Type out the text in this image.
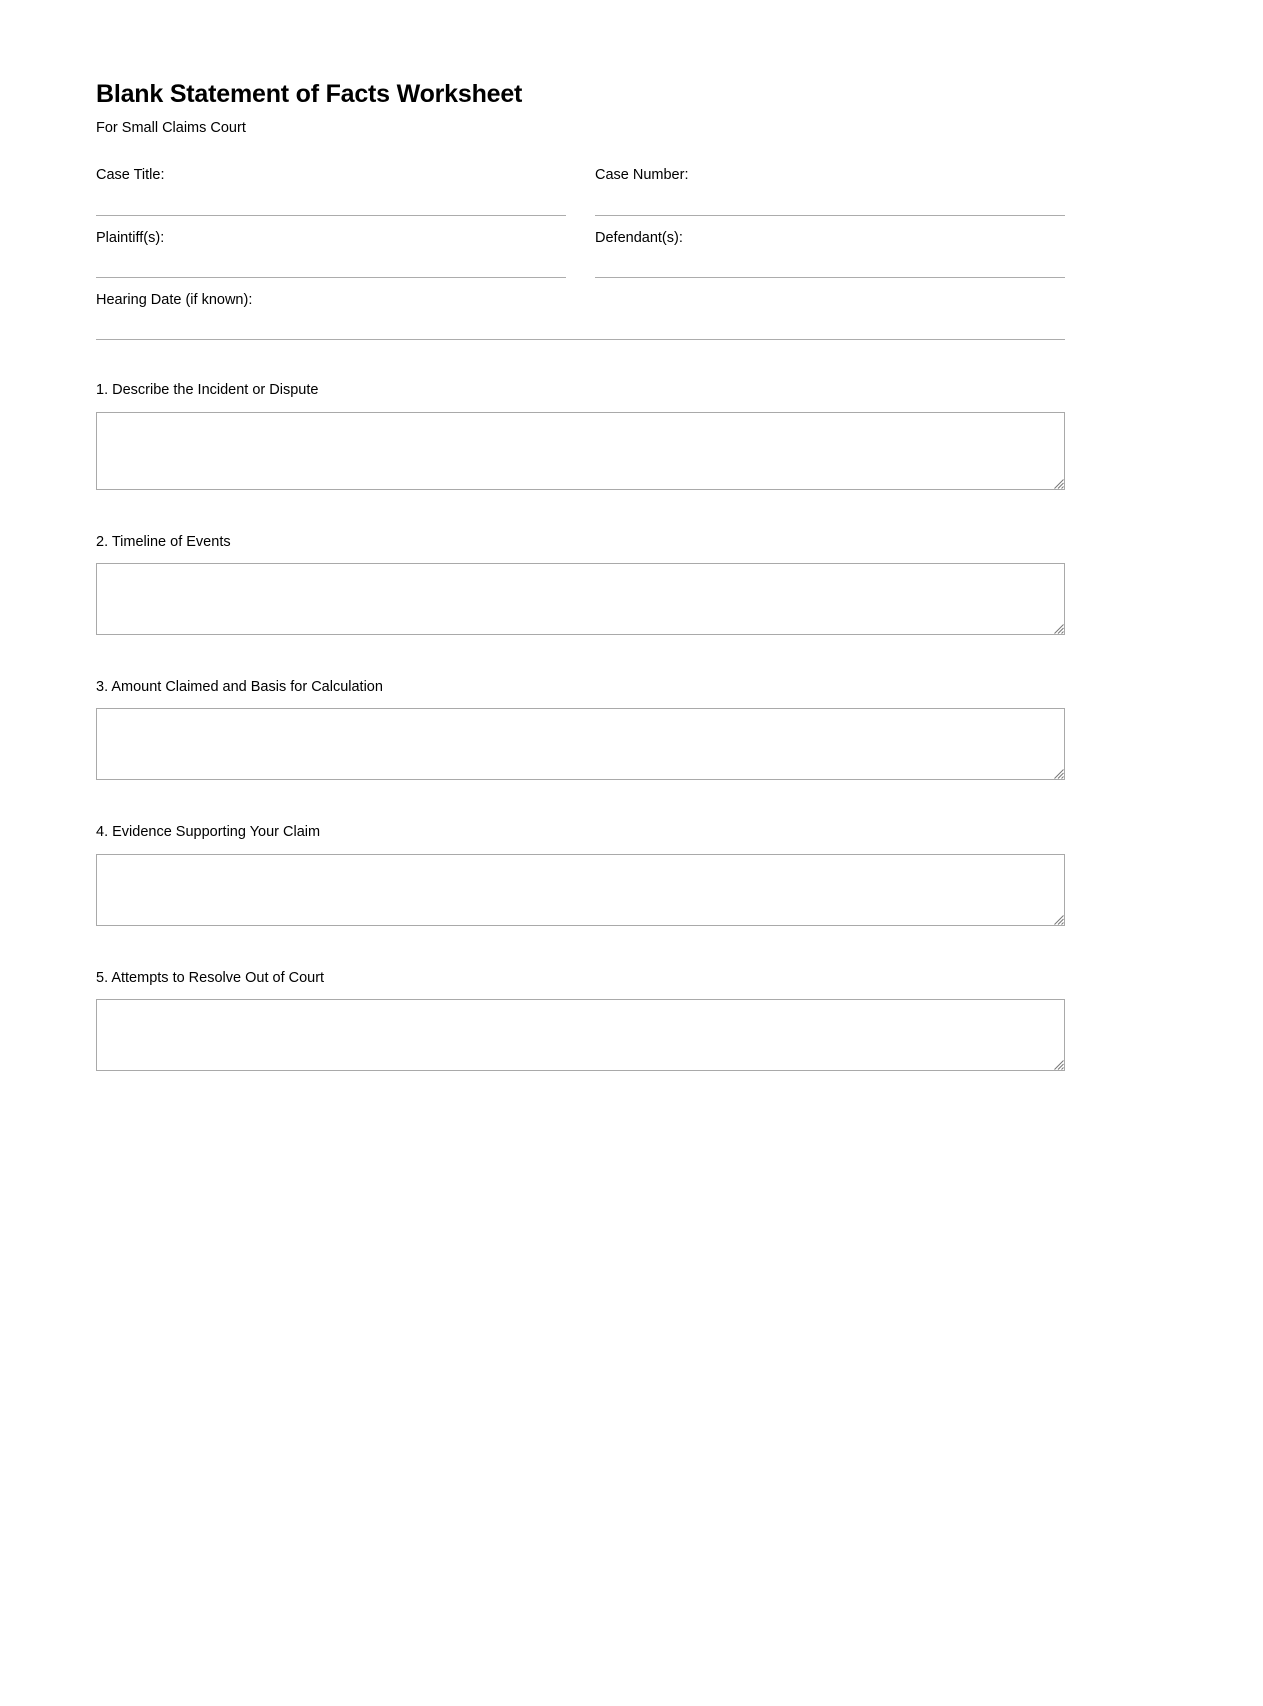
Blank Statement of Facts Worksheet
For Small Claims Court
Case Title:	Case Number:
Plaintiff(s):	Defendant(s):
Hearing Date (if known):
1. Describe the Incident or Dispute
2. Timeline of Events
3. Amount Claimed and Basis for Calculation
4. Evidence Supporting Your Claim
5. Attempts to Resolve Out of Court
